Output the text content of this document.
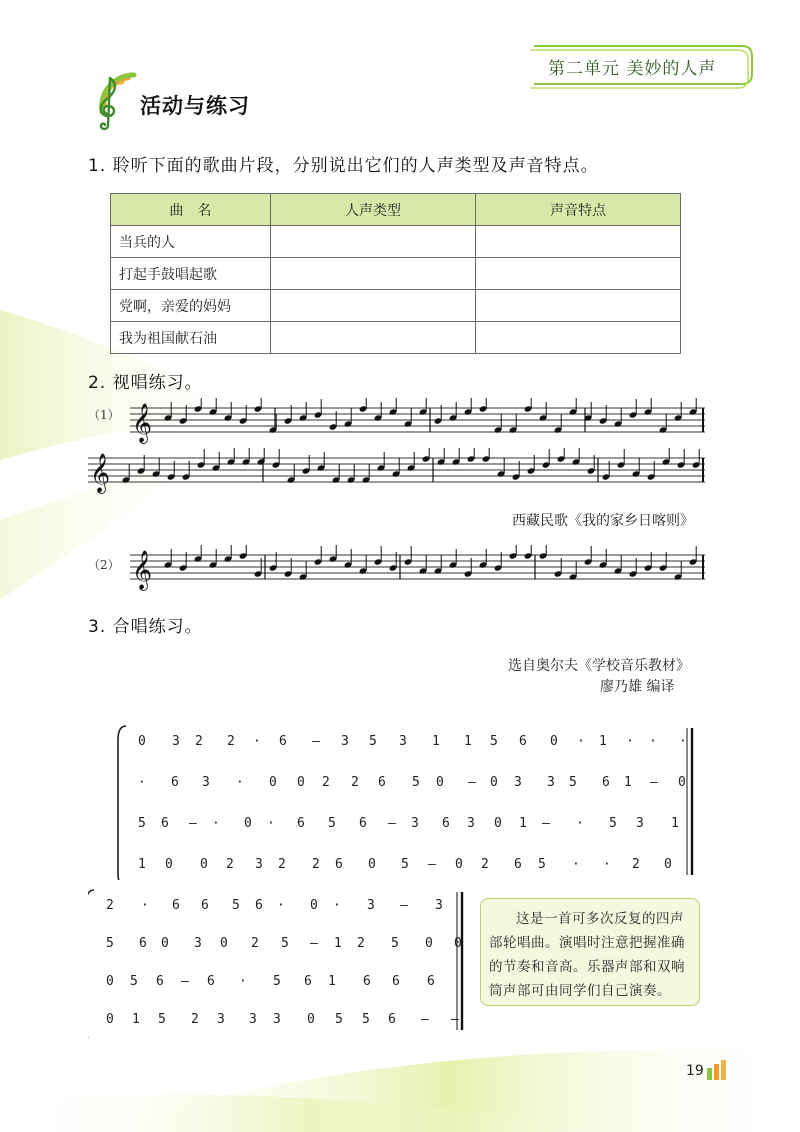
第二单元 美妙的人声
活动与练习
1. 聆听下面的歌曲片段，分别说出它们的人声类型及声音特点。
曲　名	人声类型	声音特点
当兵的人		
打起手鼓唱起歌		
党啊，亲爱的妈妈		
我为祖国献石油		
2. 视唱练习。
（1）
西藏民歌《我的家乡日喀则》
（2）
𝄞
𝄞
𝄞
3. 合唱练习。
选自奥尔夫《学校音乐教材》
廖乃雄 编译
0 3 2 2 · 6 — 3 5 3 1 1 5 6 0 · 1 · · ·
· 6 3 · 0 0 2 2 6 5 0 — 0 3 3 5 6 1 — 0
5 6 — · 0 · 6 5 6 — 3 6 3 0 1 — · 5 3 1
1 0 0 2 3 2 2 6 0 5 — 0 2 6 5 · · 2 0
2 · 6 6 5 6 · 0 · 3 — 3
5 6 0 3 0 2 5 — 1 2 5 0 0
0 5 6 — 6 · 5 6 1 6 6 6
0 1 5 2 3 3 3 0 5 5 6 — —
这是一首可多次反复的四声部轮唱曲。演唱时注意把握准确的节奏和音高。乐器声部和双响筒声部可由同学们自己演奏。
19
